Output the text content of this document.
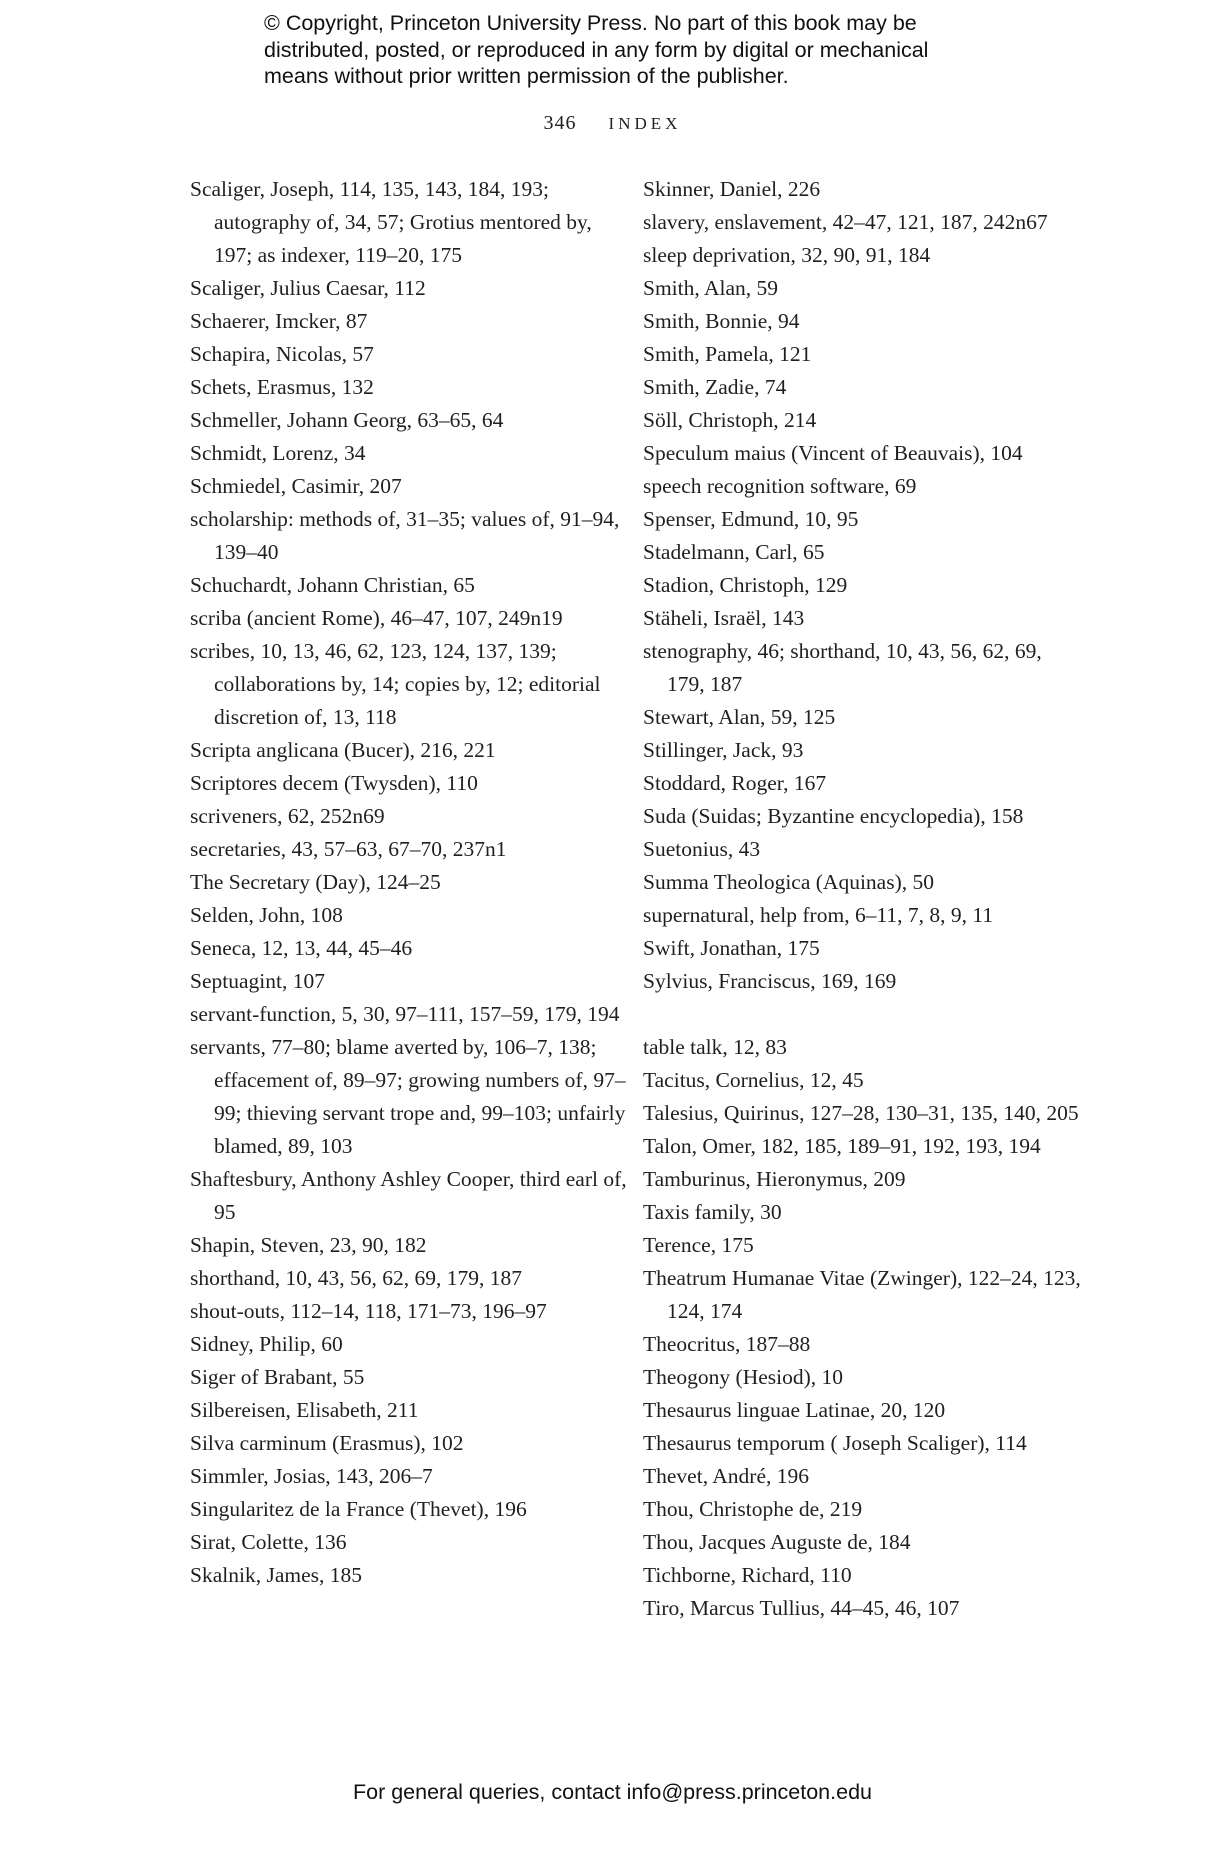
© Copyright, Princeton University Press. No part of this book may be
distributed, posted, or reproduced in any form by digital or mechanical
means without prior written permission of the publisher.
346 INDEX
Scaliger, Joseph, 114, 135, 143, 184, 193; autography of, 34, 57; Grotius mentored by, 197; as indexer, 119–20, 175
Scaliger, Julius Caesar, 112
Schaerer, Imcker, 87
Schapira, Nicolas, 57
Schets, Erasmus, 132
Schmeller, Johann Georg, 63–65, 64
Schmidt, Lorenz, 34
Schmiedel, Casimir, 207
scholarship: methods of, 31–35; values of, 91–94, 139–40
Schuchardt, Johann Christian, 65
scriba (ancient Rome), 46–47, 107, 249n19
scribes, 10, 13, 46, 62, 123, 124, 137, 139; collaborations by, 14; copies by, 12; editorial discretion of, 13, 118
Scripta anglicana (Bucer), 216, 221
Scriptores decem (Twysden), 110
scriveners, 62, 252n69
secretaries, 43, 57–63, 67–70, 237n1
The Secretary (Day), 124–25
Selden, John, 108
Seneca, 12, 13, 44, 45–46
Septuagint, 107
servant-function, 5, 30, 97–111, 157–59, 179, 194
servants, 77–80; blame averted by, 106–7, 138; effacement of, 89–97; growing numbers of, 97–99; thieving servant trope and, 99–103; unfairly blamed, 89, 103
Shaftesbury, Anthony Ashley Cooper, third earl of, 95
Shapin, Steven, 23, 90, 182
shorthand, 10, 43, 56, 62, 69, 179, 187
shout-outs, 112–14, 118, 171–73, 196–97
Sidney, Philip, 60
Siger of Brabant, 55
Silbereisen, Elisabeth, 211
Silva carminum (Erasmus), 102
Simmler, Josias, 143, 206–7
Singularitez de la France (Thevet), 196
Sirat, Colette, 136
Skalnik, James, 185
Skinner, Daniel, 226
slavery, enslavement, 42–47, 121, 187, 242n67
sleep deprivation, 32, 90, 91, 184
Smith, Alan, 59
Smith, Bonnie, 94
Smith, Pamela, 121
Smith, Zadie, 74
Söll, Christoph, 214
Speculum maius (Vincent of Beauvais), 104
speech recognition software, 69
Spenser, Edmund, 10, 95
Stadelmann, Carl, 65
Stadion, Christoph, 129
Stäheli, Israël, 143
stenography, 46; shorthand, 10, 43, 56, 62, 69, 179, 187
Stewart, Alan, 59, 125
Stillinger, Jack, 93
Stoddard, Roger, 167
Suda (Suidas; Byzantine encyclopedia), 158
Suetonius, 43
Summa Theologica (Aquinas), 50
supernatural, help from, 6–11, 7, 8, 9, 11
Swift, Jonathan, 175
Sylvius, Franciscus, 169, 169
table talk, 12, 83
Tacitus, Cornelius, 12, 45
Talesius, Quirinus, 127–28, 130–31, 135, 140, 205
Talon, Omer, 182, 185, 189–91, 192, 193, 194
Tamburinus, Hieronymus, 209
Taxis family, 30
Terence, 175
Theatrum Humanae Vitae (Zwinger), 122–24, 123, 124, 174
Theocritus, 187–88
Theogony (Hesiod), 10
Thesaurus linguae Latinae, 20, 120
Thesaurus temporum ( Joseph Scaliger), 114
Thevet, André, 196
Thou, Christophe de, 219
Thou, Jacques Auguste de, 184
Tichborne, Richard, 110
Tiro, Marcus Tullius, 44–45, 46, 107
For general queries, contact info@press.princeton.edu
